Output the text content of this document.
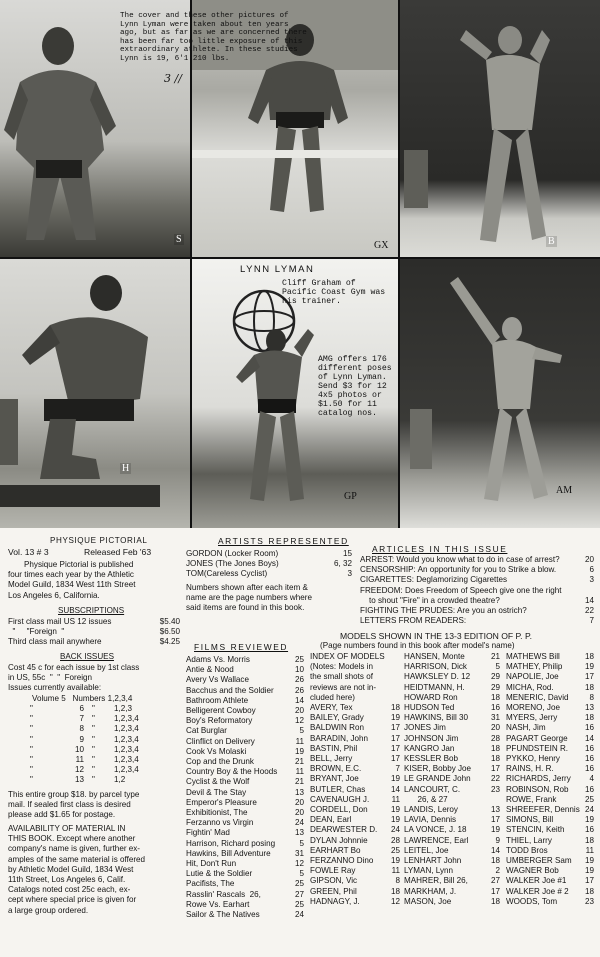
S
GX	B
H
LYNN LYMAN
Cliff Graham of Pacific Coast Gym was his trainer.
AMG offers 176 different poses of Lynn Lyman. Send $3 for 12 4x5 photos or $1.50 for 11 catalog nos.
GP
AM
The cover and these other pictures of Lynn Lyman were taken about ten years ago, but as far as we are concerned there has been far too little exposure of this extraordinary athlete. In these studies Lynn is 19, 6'1 210 lbs.
3 //
PHYSIQUE PICTORIAL
Vol. 13 # 3	Released Feb '63
Physique Pictorial is published
four times each year by the Athletic
Model Guild, 1834 West 11th Street
Los Angeles 6, California.
SUBSCRIPTIONS
First class mail US 12 issues	$5.40
"     "Foreign  "	$6.50
Third class mail anywhere	$4.25
BACK ISSUES
Cost 45 c for each issue by 1st class
in US, 55c  "  "  Foreign
Issues currently available:
Volume 5   Numbers 1,2,3,4
"	6 "	1,2,3
"	7 "	1,2,3,4
"	8 "	1,2,3,4
"	9 "	1,2,3,4
"	10 "	1,2,3,4
"	11 "	1,2,3,4
"	12 "	1,2,3,4
"	13 "	1,2
This entire group $18. by parcel type
mail. If sealed first class is desired
please add $1.65 for postage.
AVAILABILITY OF MATERIAL IN
THIS BOOK. Except where another
company's name is given, further ex-
amples of the same material is offered
by Athletic Model Guild, 1834 West
11th Street, Los Angeles 6, Calif.
Catalogs noted cost 25c each, ex-
cept where special price is given for
a large group ordered.
ARTISTS REPRESENTED
GORDON (Locker Room)	15
JONES (The Jones Boys)	6, 32
TOM(Careless Cyclist)	3
Numbers shown after each item &
name are the page numbers where
said items are found in this book.
FILMS REVIEWED
Adams Vs. Morris	25
Antie & Nood	10
Avery Vs Wallace	26
Bacchus and the Soldier	26
Bathroom Athlete	14
Belligerent Cowboy	20
Boy's Reformatory	12
Cat Burglar	5
Clinflict on Delivery	11
Cook Vs Molaski	19
Cop and the Drunk	21
Country Boy & the Hoods 11
Cyclist & the Wolf	21
Devil & The Stay	13
Emperor's Pleasure	20
Exhibitionist, The	20
Ferzanno vs Virgin	24
Fightin' Mad	13
Harrison, Richard posing	5
Hawkins, Bill Adventure	31
Hit, Don't Run	12
Lutie & the Soldier	5
Pacifists, The	25
Rasslin' Rascals  26,	27
Rowe Vs. Earhart	25
Sailor & The Natives	24
ARTICLES IN THIS ISSUE
ARREST: Would you know what to do in case of arrest?	20
CENSORSHIP: An opportunity for you to Strike a blow.	6
CIGARETTES: Deglamorizing Cigarettes	3
FREEDOM: Does Freedom of Speech give one the right
to shout "Fire" in a crowded theatre?	14
FIGHTING THE PRUDES: Are you an ostrich?	22
LETTERS FROM READERS:	7
MODELS SHOWN IN THE 13-3 EDITION OF P. P.
(Page numbers found in this book after model's name)
INDEX OF MODELS
(Notes: Models in
the small shots of
reviews are not in-
cluded here)
AVERY, Tex	18
BAILEY, Grady	19
BALDWIN Ron	17
BARADIN, John	17
BASTIN, Phil	17
BELL, Jerry	17
BROWN, E.C.	7
BRYANT, Joe	19
BUTLER, Chas	14
CAVENAUGH J.	11
CORDELL, Don	19
DEAN, Earl	19
DEARWESTER D. 24
DYLAN Johnnie	28
EARHART Bo	25
FERZANNO Dino 19
FOWLE Ray	11
GIPSON, Vic	8
GREEN, Phil	18
HADNAGY, J.	12
HANSEN, Monte	21
HARRISON, Dick	5
HAWKSLEY D. 12	29
HEIDTMANN, H.	29
HOWARD Ron	18
HUDSON Ted	16
HAWKINS, Bill 30	31
JONES Jim	20
JOHNSON Jim	28
KANGRO Jan	18
KESSLER Bob	18
KISER, Bobby Joe 17
LE GRANDE John	22
LANCOURT, C.	23
26, & 27
LANDIS, Leroy	13
LAVIA, Dennis	17
LA VONCE, J. 18	19
LAWRENCE, Earl	9
LEITEL, Joe	14
LENHART John	18
LYMAN, Lynn	2
MAHRER, Bill 26,	27
MARKHAM, J.	17
MASON, Joe	18
MATHEWS Bill	18
MATHEY, Philip	19
NAPOLIE, Joe	17
MICHA, Rod.	18
MENERIC, David	8
MORENO, Joe	13
MYERS, Jerry	18
NASH, Jim	16
PAGART George 14
PFUNDSTEIN R. 16
PYKKO, Henry	16
RAINS, H. R.	16
RICHARDS, Jerry 4
ROBINSON, Rob 16
ROWE, Frank	25
SHREEFER, Dennis 24
SIMONS, Bill	19
STENCIN, Keith	16
THIEL, Larry	18
TODD Bros	11
UMBERGER Sam 19
WAGNER Bob	19
WALKER Joe #1 17
WALKER Joe # 2 18
WOODS, Tom	23
